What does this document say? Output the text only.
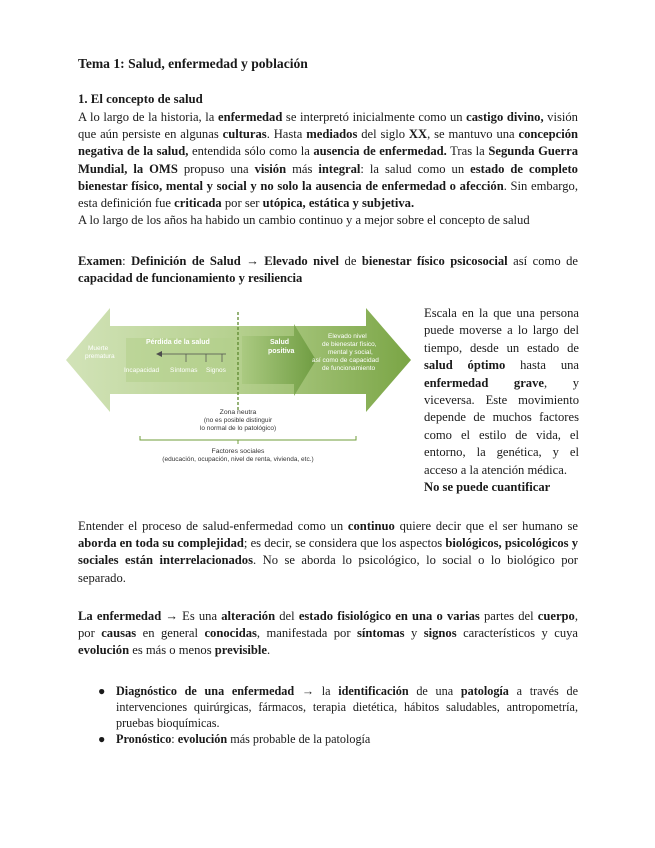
Tema 1: Salud, enfermedad y población
1. El concepto de salud

A lo largo de la historia, la enfermedad se interpretó inicialmente como un castigo divino, visión que aún persiste en algunas culturas. Hasta mediados del siglo XX, se mantuvo una concepción negativa de la salud, entendida sólo como la ausencia de enfermedad. Tras la Segunda Guerra Mundial, la OMS propuso una visión más integral: la salud como un estado de completo bienestar físico, mental y social y no solo la ausencia de enfermedad o afección. Sin embargo, esta definición fue criticada por ser utópica, estática y subjetiva.

A lo largo de los años ha habido un cambio continuo y a mejor sobre el concepto de salud

Examen: Definición de Salud → Elevado nivel de bienestar físico psicosocial así como de capacidad de funcionamiento y resiliencia
Pérdida de la salud
Muerte
prematura
Incapacidad Síntomas Signos
Salud
positiva
Elevado nivel
de bienestar físico,
mental y social,
así como de capacidad
de funcionamiento
Zona neutra
(no es posible distinguir
lo normal de lo patológico)
Factores sociales
(educación, ocupación, nivel de renta, vivienda, etc.)
Escala en la que una persona puede moverse a lo largo del tiempo, desde un estado de salud óptimo hasta una enfermedad grave, y viceversa. Este movimiento depende de muchos factores como el estilo de vida, el entorno, la genética, y el acceso a la atención médica.
No se puede cuantificar
Entender el proceso de salud-enfermedad como un continuo quiere decir que el ser humano se aborda en toda su complejidad; es decir, se considera que los aspectos biológicos, psicológicos y sociales están interrelacionados. No se aborda lo psicológico, lo social o lo biológico por separado.
La enfermedad → Es una alteración del estado fisiológico en una o varias partes del cuerpo, por causas en general conocidas, manifestada por síntomas y signos característicos y cuya evolución es más o menos previsible.
● Diagnóstico de una enfermedad → la identificación de una patología a través de intervenciones quirúrgicas, fármacos, terapia dietética, hábitos saludables, antropometría, pruebas bioquímicas.
● Pronóstico: evolución más probable de la patología
